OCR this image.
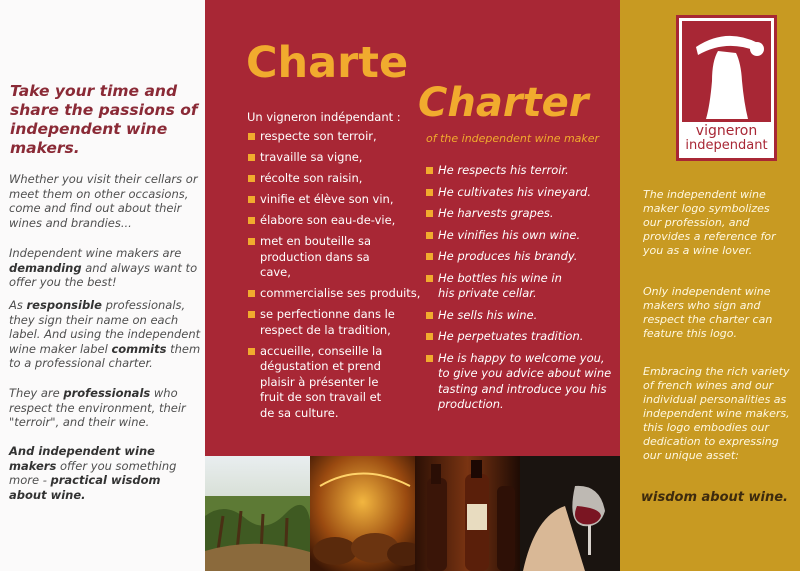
Take your time and share the passions of independent wine makers.
Whether you visit their cellars or meet them on other occasions, come and find out about their wines and brandies...
Independent wine makers are demanding and always want to offer you the best!
As responsible professionals, they sign their name on each label. And using the independent wine maker label commits them to a professional charter.
They are professionals who respect the environment, their "terroir", and their wine.
And independent wine makers offer you something more - practical wisdom about wine.
Charte
Charter
of the independent wine maker
Un vigneron indépendant :
respecte son terroir,
travaille sa vigne,
récolte son raisin,
vinifie et élève son vin,
élabore son eau-de-vie,
met en bouteille sa production dans sa cave,
commercialise ses produits,
se perfectionne dans le respect de la tradition,
accueille, conseille la dégustation et prend plaisir à présenter le fruit de son travail et de sa culture.
He respects his terroir.
He cultivates his vineyard.
He harvests grapes.
He vinifies his own wine.
He produces his brandy.
He bottles his wine in his private cellar.
He sells his wine.
He perpetuates tradition.
He is happy to welcome you, to give you advice about wine tasting and introduce you his production.
vigneron
independant
The independent wine maker logo symbolizes our profession, and provides a reference for you as a wine lover.
Only independent wine makers who sign and respect the charter can feature this logo.
Embracing the rich variety of french wines and our individual personalities as independent wine makers, this logo embodies our dedication to expressing our unique asset:
wisdom about wine.
